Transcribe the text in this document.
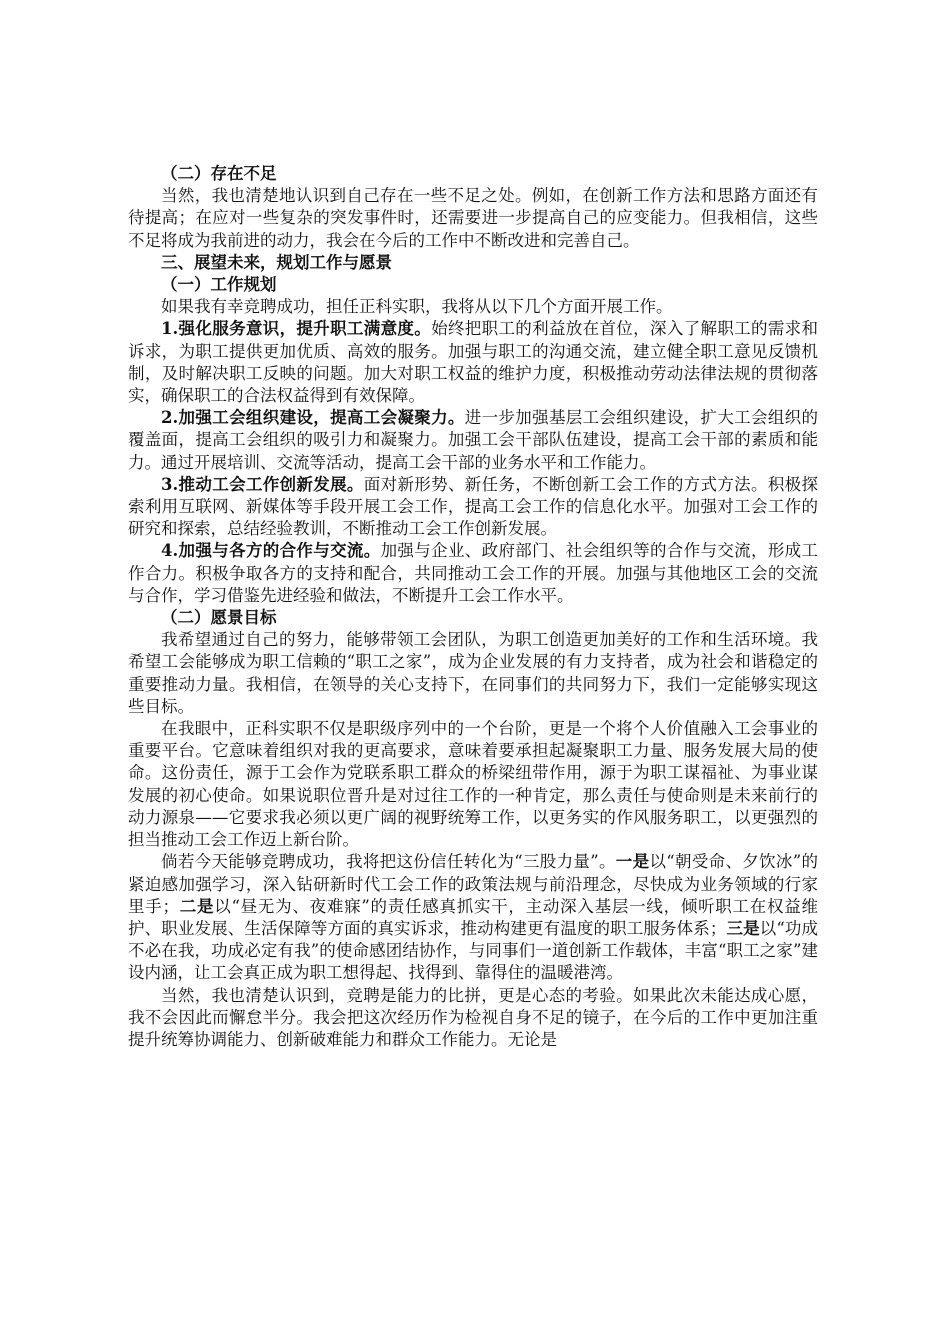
（二）存在不足

当然，我也清楚地认识到自己存在一些不足之处。例如，在创新工作方法和思路方面还有待提高；在应对一些复杂的突发事件时，还需要进一步提高自己的应变能力。但我相信，这些不足将成为我前进的动力，我会在今后的工作中不断改进和完善自己。

三、展望未来，规划工作与愿景

（一）工作规划

如果我有幸竞聘成功，担任正科实职，我将从以下几个方面开展工作。

1.强化服务意识，提升职工满意度。始终把职工的利益放在首位，深入了解职工的需求和诉求，为职工提供更加优质、高效的服务。加强与职工的沟通交流，建立健全职工意见反馈机制，及时解决职工反映的问题。加大对职工权益的维护力度，积极推动劳动法律法规的贯彻落实，确保职工的合法权益得到有效保障。

2.加强工会组织建设，提高工会凝聚力。进一步加强基层工会组织建设，扩大工会组织的覆盖面，提高工会组织的吸引力和凝聚力。加强工会干部队伍建设，提高工会干部的素质和能力。通过开展培训、交流等活动，提高工会干部的业务水平和工作能力。

3.推动工会工作创新发展。面对新形势、新任务，不断创新工会工作的方式方法。积极探索利用互联网、新媒体等手段开展工会工作，提高工会工作的信息化水平。加强对工会工作的研究和探索，总结经验教训，不断推动工会工作创新发展。

4.加强与各方的合作与交流。加强与企业、政府部门、社会组织等的合作与交流，形成工作合力。积极争取各方的支持和配合，共同推动工会工作的开展。加强与其他地区工会的交流与合作，学习借鉴先进经验和做法，不断提升工会工作水平。

（二）愿景目标

我希望通过自己的努力，能够带领工会团队，为职工创造更加美好的工作和生活环境。我希望工会能够成为职工信赖的“职工之家”，成为企业发展的有力支持者，成为社会和谐稳定的重要推动力量。我相信，在领导的关心支持下，在同事们的共同努力下，我们一定能够实现这些目标。

在我眼中，正科实职不仅是职级序列中的一个台阶，更是一个将个人价值融入工会事业的重要平台。它意味着组织对我的更高要求，意味着要承担起凝聚职工力量、服务发展大局的使命。这份责任，源于工会作为党联系职工群众的桥梁纽带作用，源于为职工谋福祉、为事业谋发展的初心使命。如果说职位晋升是对过往工作的一种肯定，那么责任与使命则是未来前行的动力源泉——它要求我必须以更广阔的视野统筹工作，以更务实的作风服务职工，以更强烈的担当推动工会工作迈上新台阶。

倘若今天能够竞聘成功，我将把这份信任转化为“三股力量”。一是以“朝受命、夕饮冰”的紧迫感加强学习，深入钻研新时代工会工作的政策法规与前沿理念，尽快成为业务领域的行家里手；二是以“昼无为、夜难寐”的责任感真抓实干，主动深入基层一线，倾听职工在权益维护、职业发展、生活保障等方面的真实诉求，推动构建更有温度的职工服务体系；三是以“功成不必在我，功成必定有我”的使命感团结协作，与同事们一道创新工作载体，丰富“职工之家”建设内涵，让工会真正成为职工想得起、找得到、靠得住的温暖港湾。

当然，我也清楚认识到，竞聘是能力的比拼，更是心态的考验。如果此次未能达成心愿，我不会因此而懈怠半分。我会把这次经历作为检视自身不足的镜子，在今后的工作中更加注重提升统筹协调能力、创新破难能力和群众工作能力。无论是
